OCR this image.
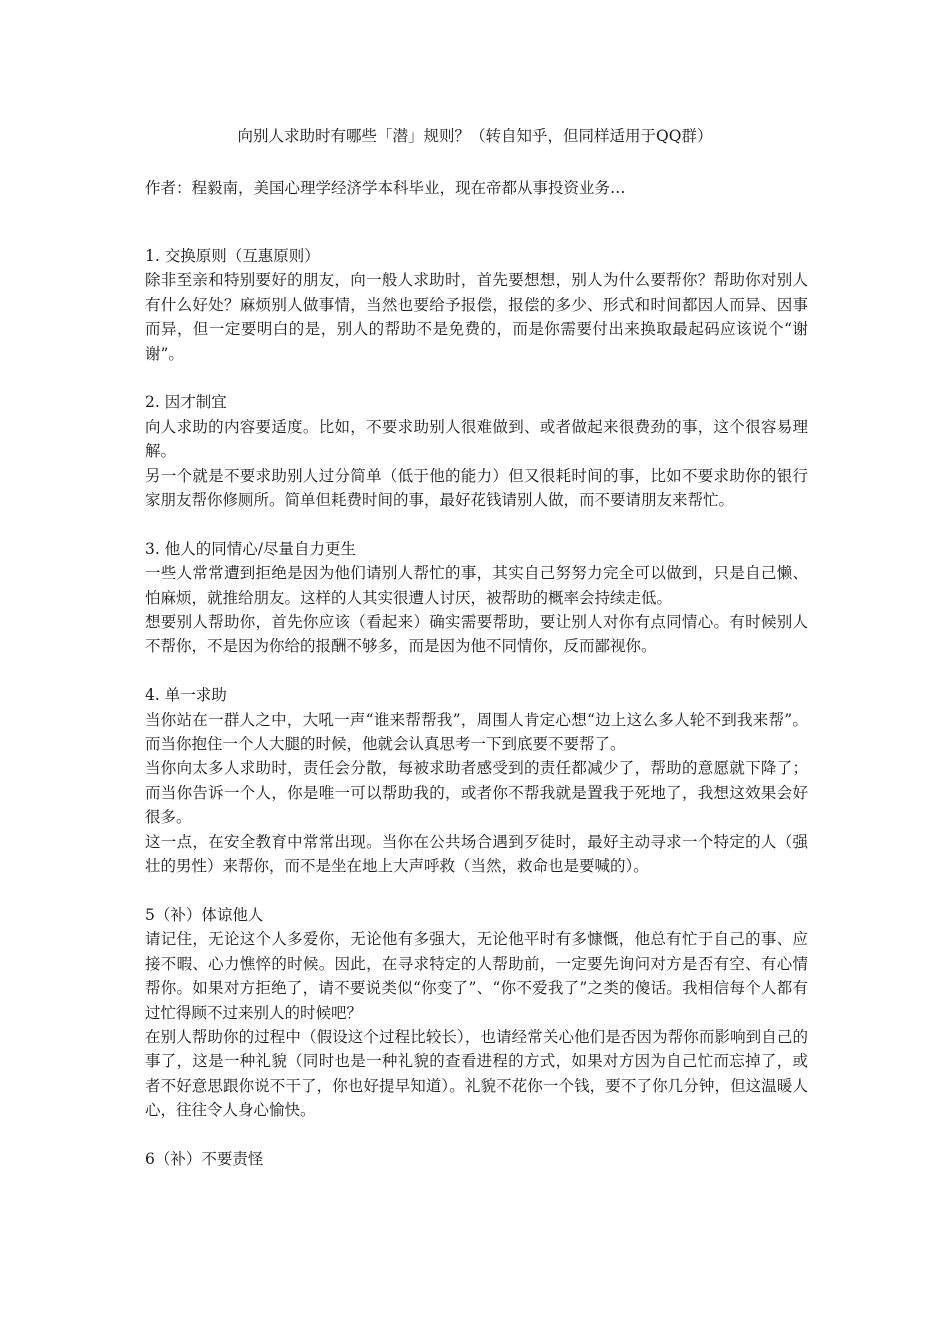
向别人求助时有哪些「潜」规则？（转自知乎，但同样适用于QQ群）
作者：程毅南，美国心理学经济学本科毕业，现在帝都从事投资业务…

1. 交换原则（互惠原则）

除非至亲和特别要好的朋友，向一般人求助时，首先要想想，别人为什么要帮你？帮助你对别人有什么好处？麻烦别人做事情，当然也要给予报偿，报偿的多少、形式和时间都因人而异、因事而异，但一定要明白的是，别人的帮助不是免费的，而是你需要付出来换取最起码应该说个“谢谢”。

2. 因才制宜

向人求助的内容要适度。比如，不要求助别人很难做到、或者做起来很费劲的事，这个很容易理解。

另一个就是不要求助别人过分简单（低于他的能力）但又很耗时间的事，比如不要求助你的银行家朋友帮你修厕所。简单但耗费时间的事，最好花钱请别人做，而不要请朋友来帮忙。

3. 他人的同情心/尽量自力更生

一些人常常遭到拒绝是因为他们请别人帮忙的事，其实自己努努力完全可以做到，只是自己懒、怕麻烦，就推给朋友。这样的人其实很遭人讨厌，被帮助的概率会持续走低。

想要别人帮助你，首先你应该（看起来）确实需要帮助，要让别人对你有点同情心。有时候别人不帮你，不是因为你给的报酬不够多，而是因为他不同情你，反而鄙视你。

4. 单一求助

当你站在一群人之中，大吼一声“谁来帮帮我”，周围人肯定心想“边上这么多人轮不到我来帮”。而当你抱住一个人大腿的时候，他就会认真思考一下到底要不要帮了。

当你向太多人求助时，责任会分散，每被求助者感受到的责任都减少了，帮助的意愿就下降了；而当你告诉一个人，你是唯一可以帮助我的，或者你不帮我就是置我于死地了，我想这效果会好很多。

这一点，在安全教育中常常出现。当你在公共场合遇到歹徒时，最好主动寻求一个特定的人（强壮的男性）来帮你，而不是坐在地上大声呼救（当然，救命也是要喊的）。

5（补）体谅他人

请记住，无论这个人多爱你，无论他有多强大，无论他平时有多慷慨，他总有忙于自己的事、应接不暇、心力憔悴的时候。因此，在寻求特定的人帮助前，一定要先询问对方是否有空、有心情帮你。如果对方拒绝了，请不要说类似“你变了”、“你不爱我了”之类的傻话。我相信每个人都有过忙得顾不过来别人的时候吧？

在别人帮助你的过程中（假设这个过程比较长），也请经常关心他们是否因为帮你而影响到自己的事了，这是一种礼貌（同时也是一种礼貌的查看进程的方式，如果对方因为自己忙而忘掉了，或者不好意思跟你说不干了，你也好提早知道）。礼貌不花你一个钱，要不了你几分钟，但这温暖人心，往往令人身心愉快。

6（补）不要责怪
